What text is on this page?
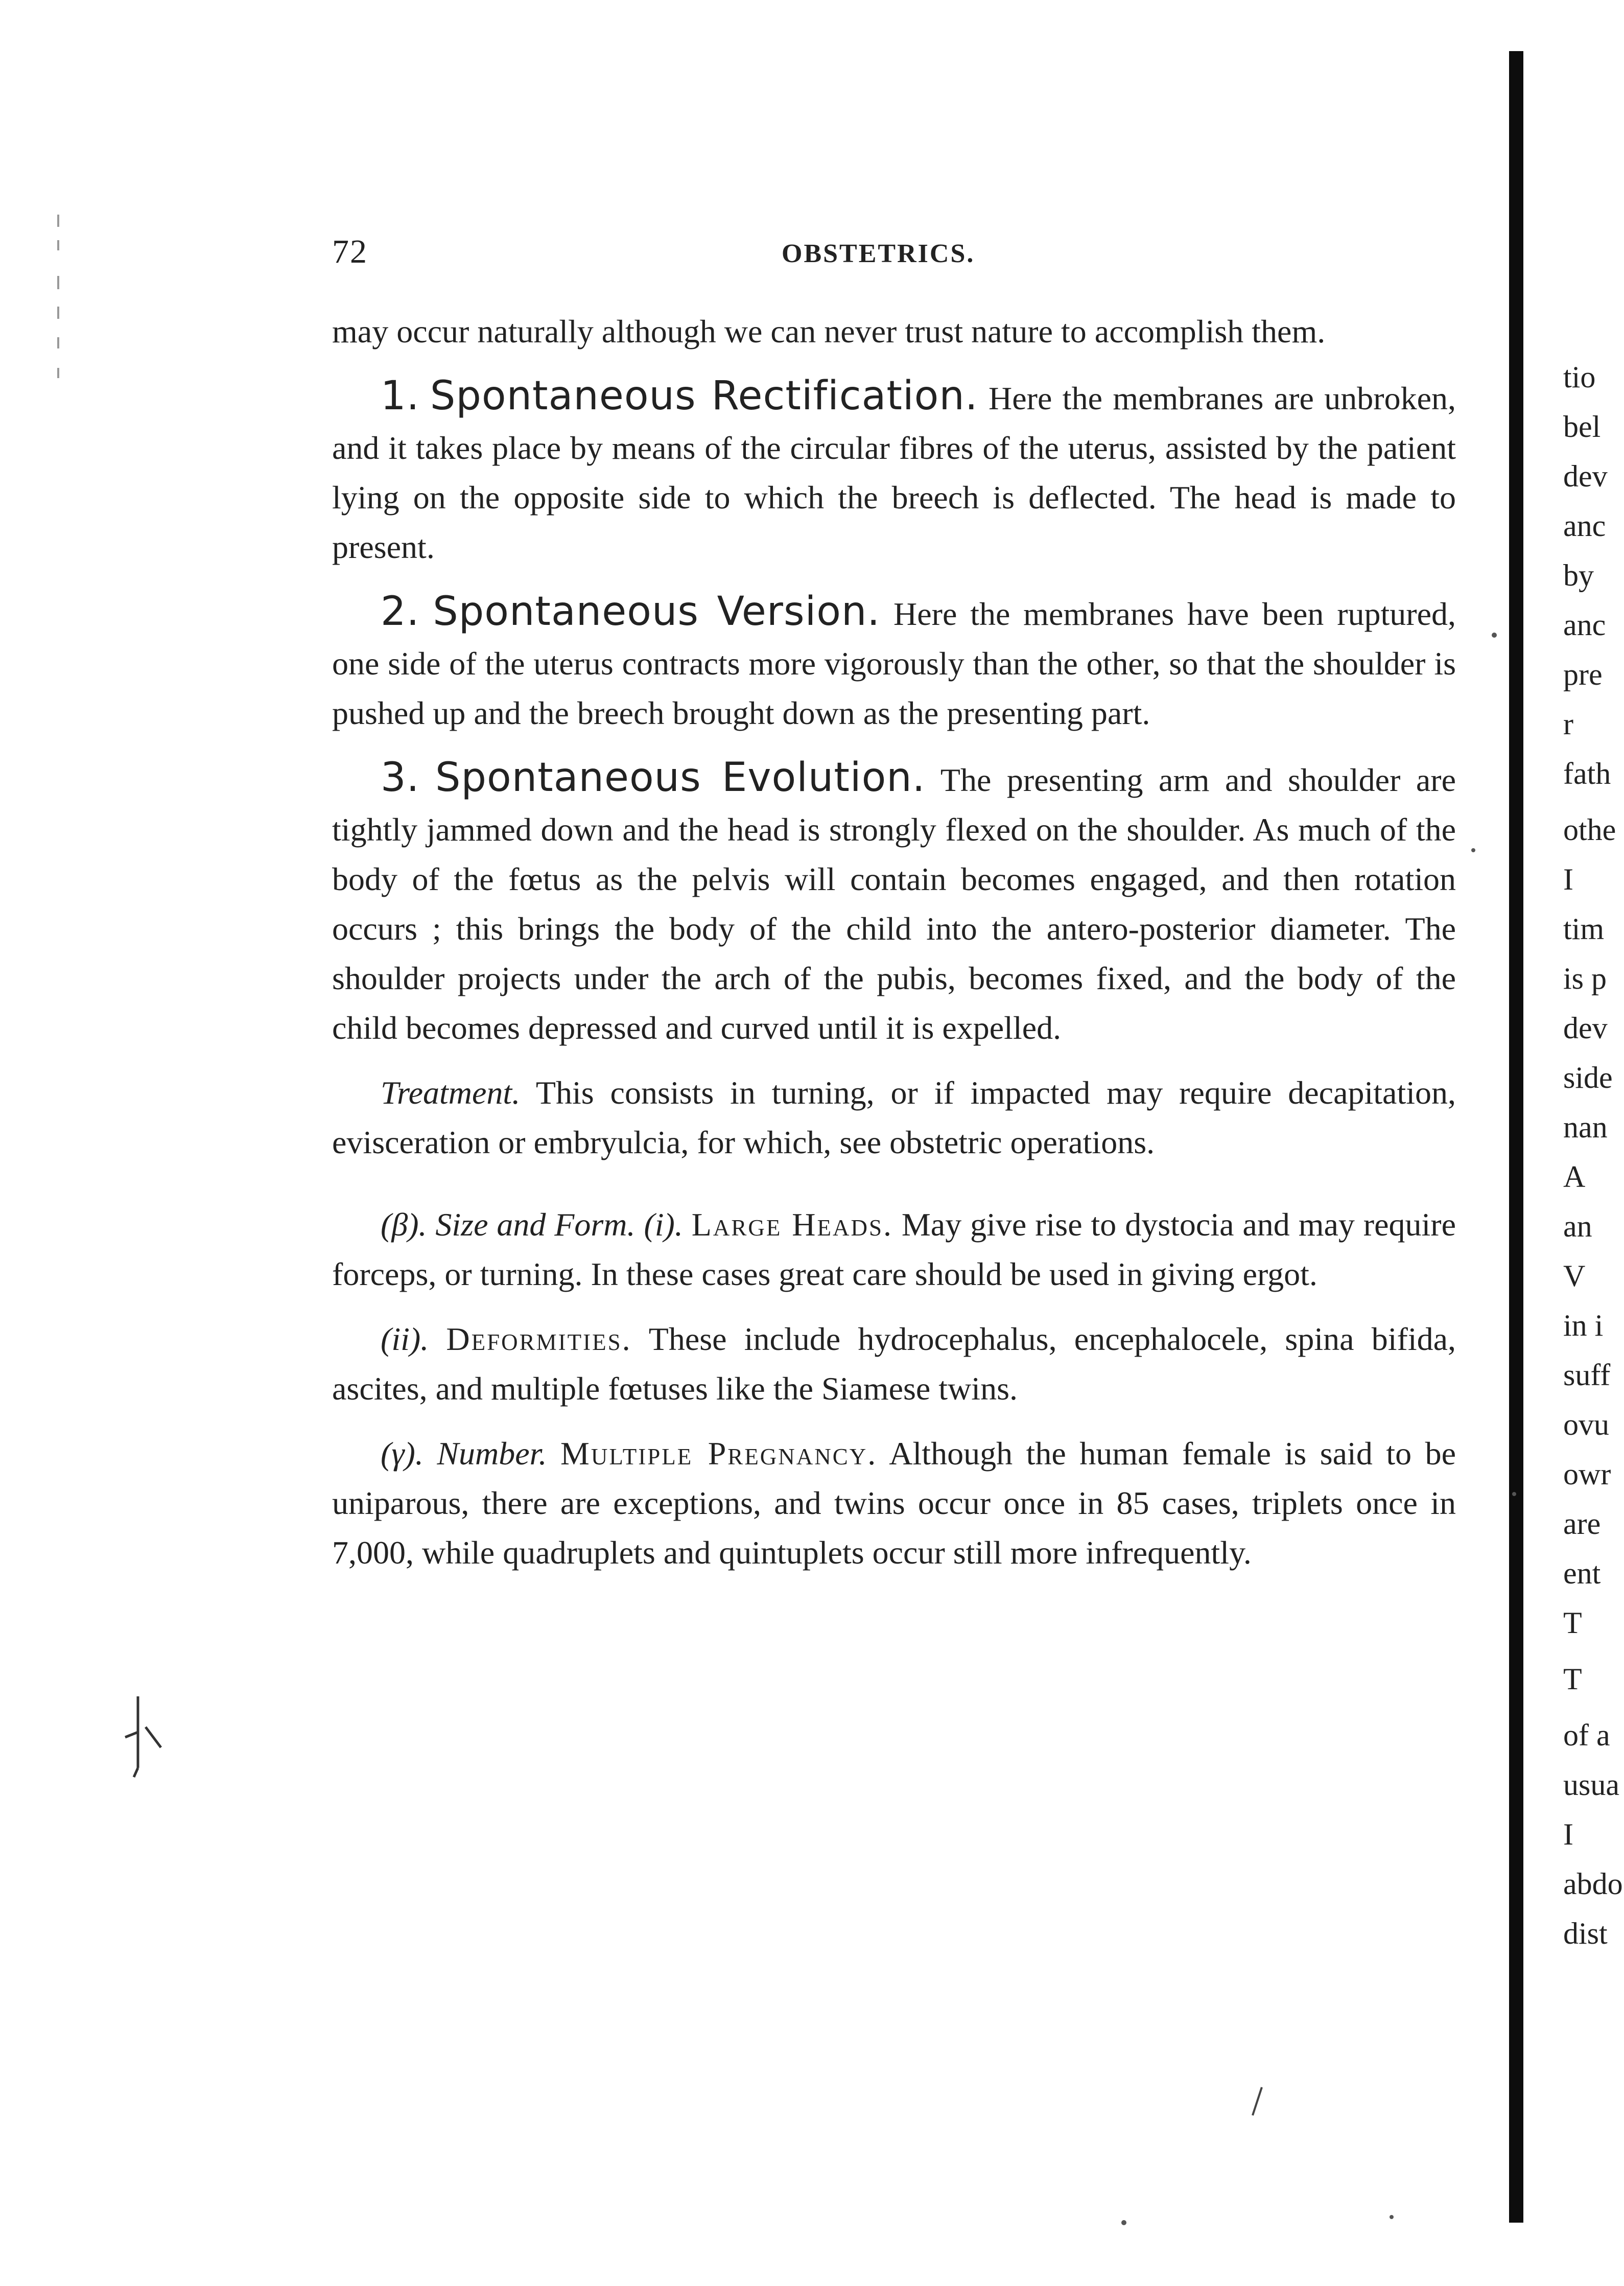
72	OBSTETRICS.

may occur naturally although we can never trust nature to accomplish them.

1. Spontaneous Rectification. Here the membranes are unbroken, and it takes place by means of the circular fibres of the uterus, assisted by the patient lying on the opposite side to which the breech is deflected. The head is made to present.

2. Spontaneous Version. Here the membranes have been ruptured, one side of the uterus contracts more vigorously than the other, so that the shoulder is pushed up and the breech brought down as the presenting part.

3. Spontaneous Evolution. The presenting arm and shoulder are tightly jammed down and the head is strongly flexed on the shoulder. As much of the body of the fœtus as the pelvis will contain becomes engaged, and then rotation occurs ; this brings the body of the child into the antero-posterior diameter. The shoulder projects under the arch of the pubis, becomes fixed, and the body of the child becomes depressed and curved until it is expelled.

Treatment. This consists in turning, or if impacted may require decapitation, evisceration or embryulcia, for which, see obstetric operations.

(β). Size and Form. (i). Large Heads. May give rise to dystocia and may require forceps, or turning. In these cases great care should be used in giving ergot.

(ii). Deformities. These include hydrocephalus, encephalocele, spina bifida, ascites, and multiple fœtuses like the Siamese twins.

(γ). Number. Multiple Pregnancy. Although the human female is said to be uniparous, there are exceptions, and twins occur once in 85 cases, triplets once in 7,000, while quadruplets and quintuplets occur still more infrequently.

tio
bel
dev
anc
by
anc
pre
r
fath
othe
I
tim
is p
dev
side
nan
A
an
V
in i
suff
ovu
owr
are
ent
T
T
of a
usua
I
abdo
dist
